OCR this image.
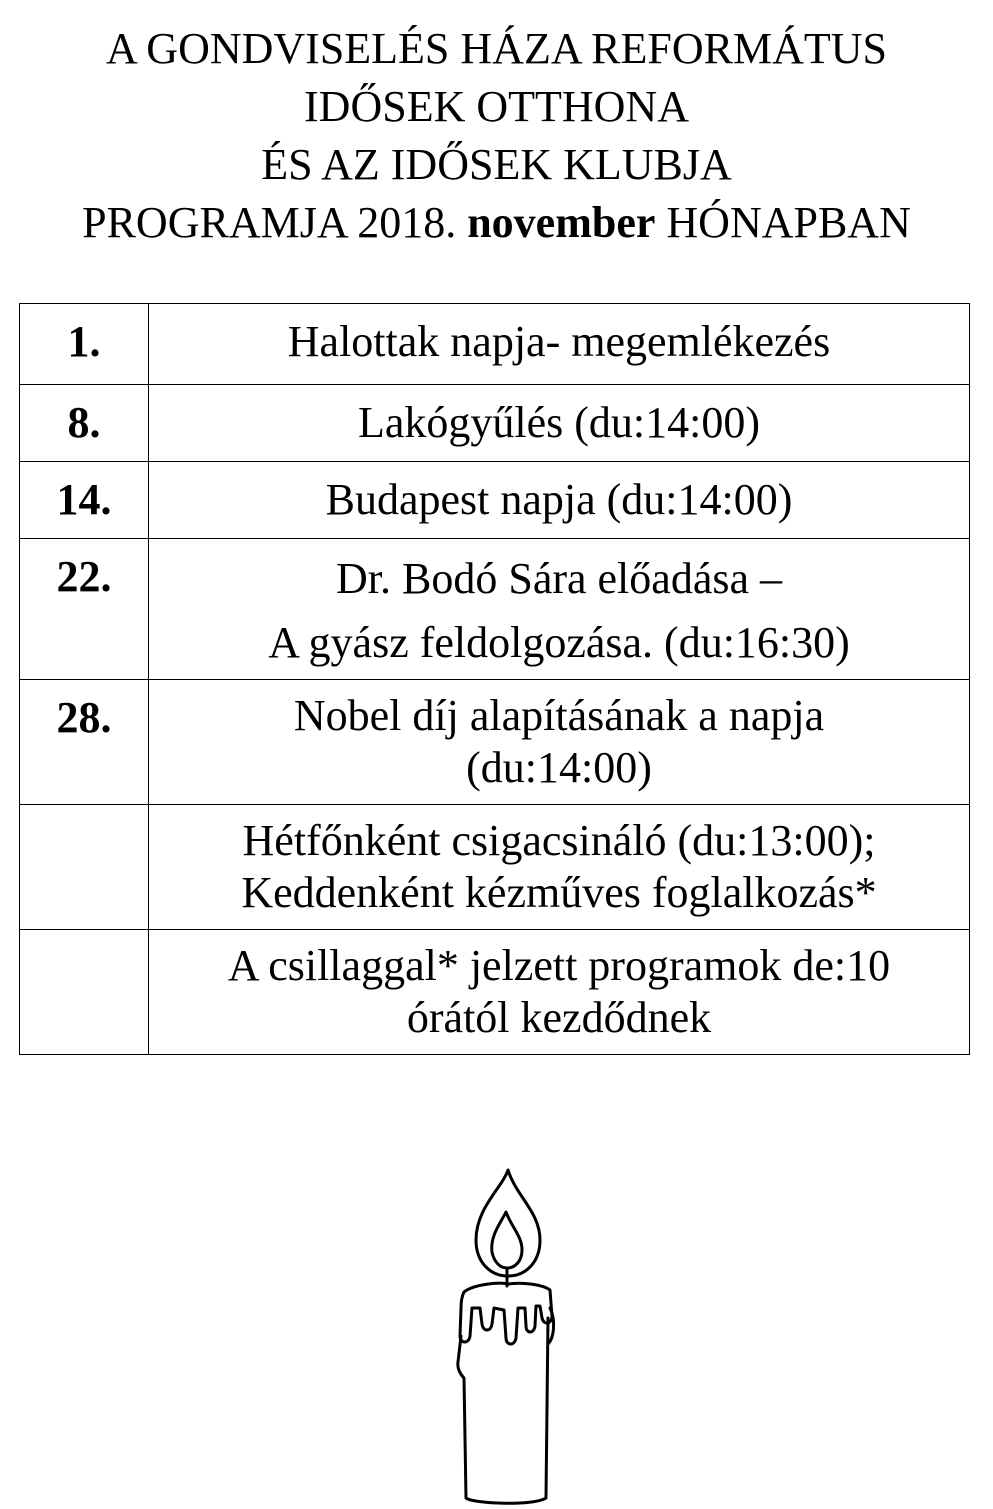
A GONDVISELÉS HÁZA REFORMÁTUS
IDŐSEK OTTHONA
ÉS AZ IDŐSEK KLUBJA
PROGRAMJA 2018. november HÓNAPBAN
1.	Halottak napja- megemlékezés

8.	Lakógyűlés (du:14:00)

14.	Budapest napja (du:14:00)

22.	Dr. Bodó Sára előadása –
A gyász feldolgozása. (du:16:30)

28.	Nobel díj alapításának a napja
(du:14:00)

	Hétfőnként csigacsináló (du:13:00);
Keddenként kézműves foglalkozás*

	A csillaggal* jelzett programok de:10
órától kezdődnek
